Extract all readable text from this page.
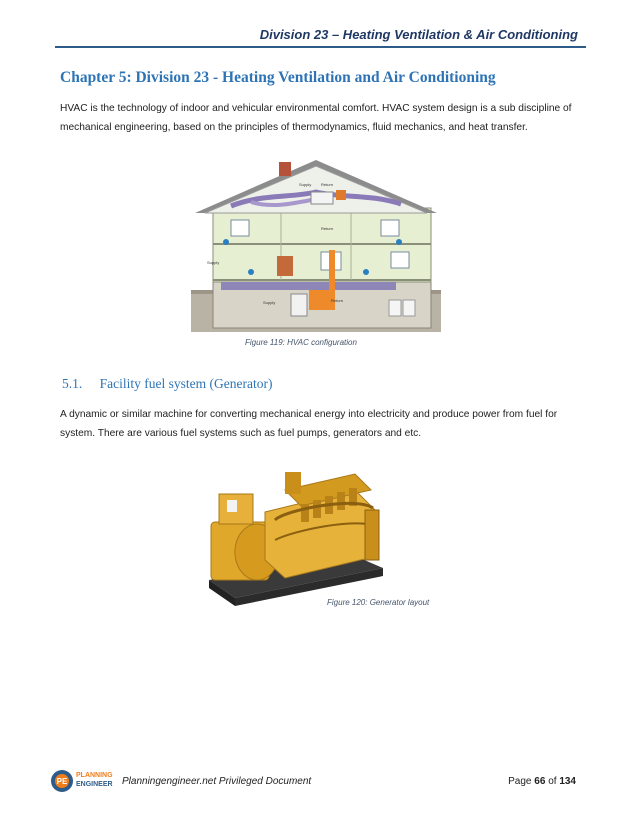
Division 23 – Heating Ventilation & Air Conditioning
Chapter 5: Division 23 - Heating Ventilation and Air Conditioning
HVAC is the technology of indoor and vehicular environmental comfort. HVAC system design is a sub discipline of mechanical engineering, based on the principles of thermodynamics, fluid mechanics, and heat transfer.
Supply Return
Return
Supply
Supply	Return
Figure 119: HVAC configuration
5.1. Facility fuel system (Generator)
A dynamic or similar machine for converting mechanical energy into electricity and produce power from fuel for system. There are various fuel systems such as fuel pumps, generators and etc.
Figure 120: Generator layout
PE
PLANNING
ENGINEER Planningengineer.net Privileged Document	Page 66 of 134
